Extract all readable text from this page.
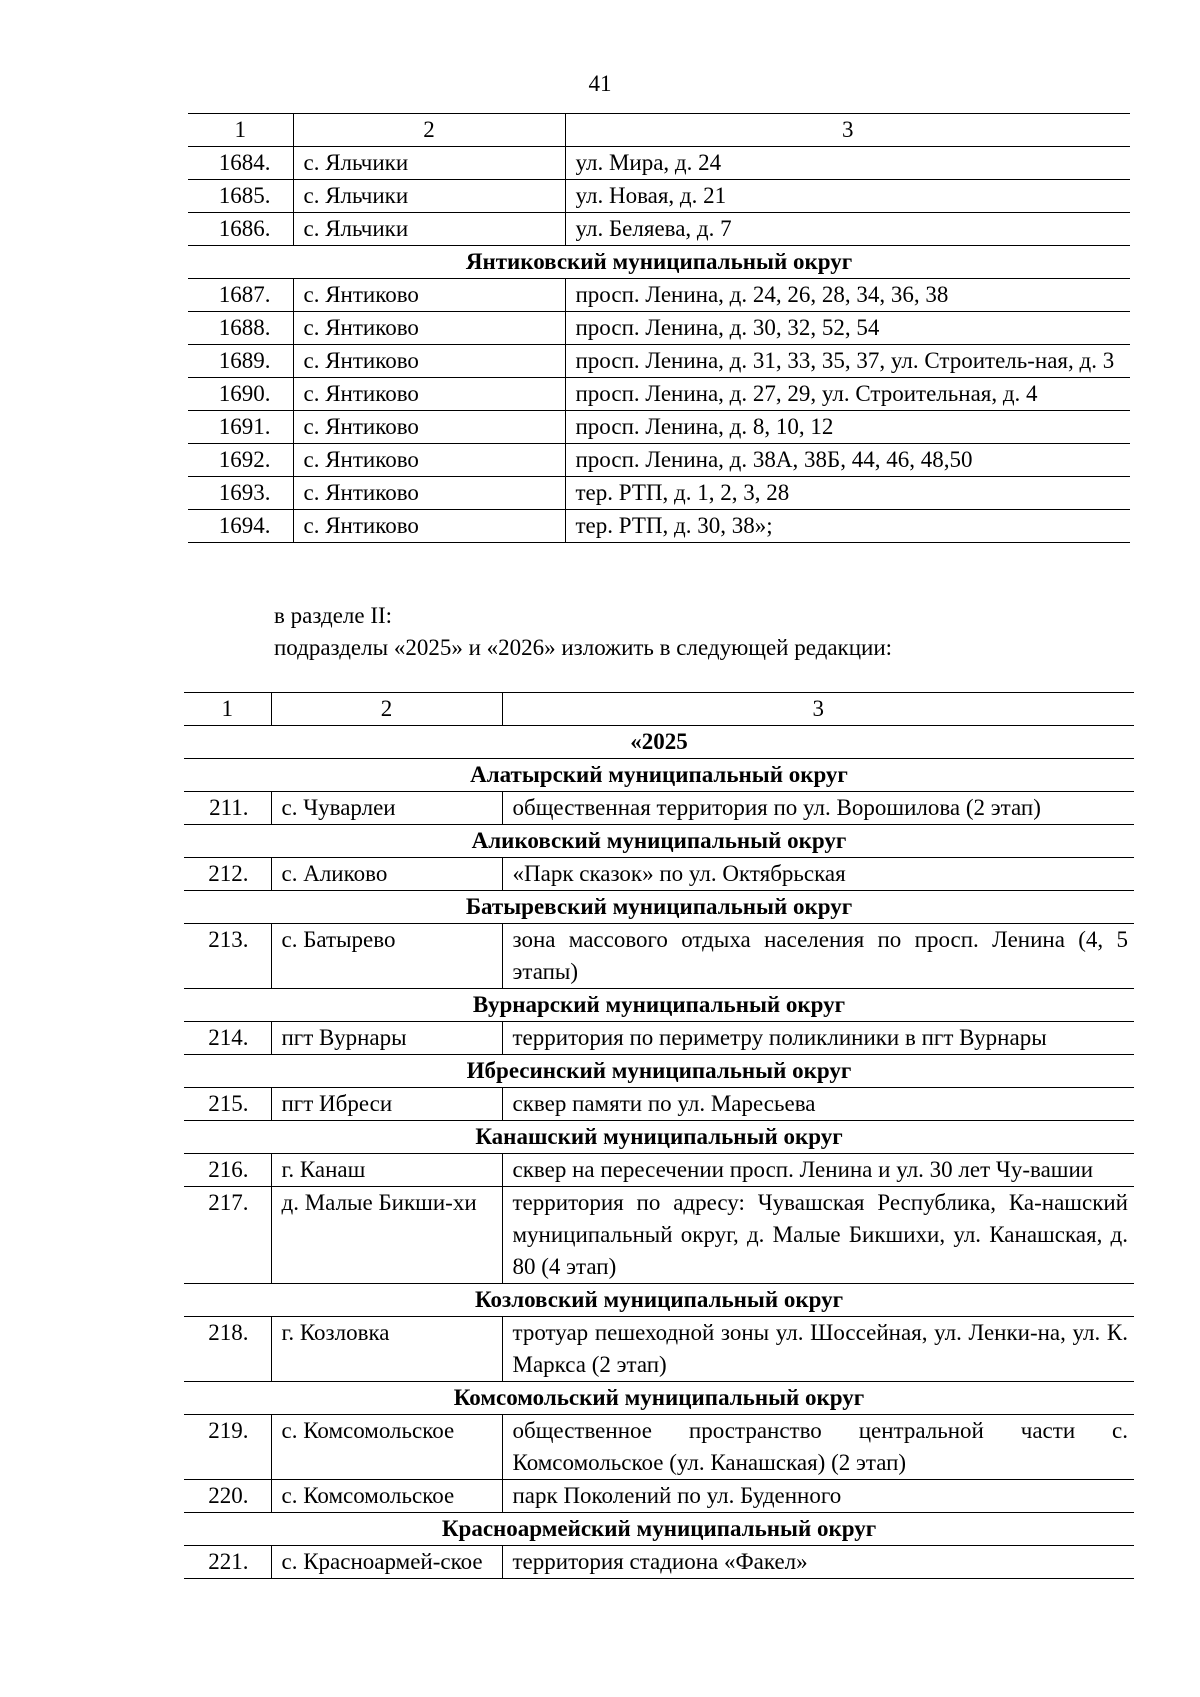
41
1	2	3
1684.	с. Яльчики	ул. Мира, д. 24
1685.	с. Яльчики	ул. Новая, д. 21
1686.	с. Яльчики	ул. Беляева, д. 7
Янтиковский муниципальный округ		
1687.	с. Янтиково	просп. Ленина, д. 24, 26, 28, 34, 36, 38
1688.	с. Янтиково	просп. Ленина, д. 30, 32, 52, 54
1689.	с. Янтиково	просп. Ленина, д. 31, 33, 35, 37, ул. Строитель-ная, д. 3
1690.	с. Янтиково	просп. Ленина, д. 27, 29, ул. Строительная, д. 4
1691.	с. Янтиково	просп. Ленина, д. 8, 10, 12
1692.	с. Янтиково	просп. Ленина, д. 38А, 38Б, 44, 46, 48,50
1693.	с. Янтиково	тер. РТП, д. 1, 2, 3, 28
1694.	с. Янтиково	тер. РТП, д. 30, 38»;
в разделе II:
подразделы «2025» и «2026» изложить в следующей редакции:
1	2	3
«2025		
Алатырский муниципальный округ		
211.	с. Чуварлеи	общественная территория по ул. Ворошилова (2 этап)
Аликовский муниципальный округ		
212.	с. Аликово	«Парк сказок» по ул. Октябрьская
Батыревский муниципальный округ		
213.	с. Батырево	зона массового отдыха населения по просп. Ленина (4, 5 этапы)
Вурнарский муниципальный округ		
214.	пгт Вурнары	территория по периметру поликлиники в пгт Вурнары
Ибресинский муниципальный округ		
215.	пгт Ибреси	сквер памяти по ул. Маресьева
Канашский муниципальный округ		
216.	г. Канаш	сквер на пересечении просп. Ленина и ул. 30 лет Чу-вашии
217.	д. Малые Бикши-хи	территория по адресу: Чувашская Республика, Ка-нашский муниципальный округ, д. Малые Бикшихи, ул. Канашская, д. 80 (4 этап)
Козловский муниципальный округ		
218.	г. Козловка	тротуар пешеходной зоны ул. Шоссейная, ул. Ленки-на, ул. К. Маркса (2 этап)
Комсомольский муниципальный округ		
219.	с. Комсомольское	общественное пространство центральной части с. Комсомольское (ул. Канашская) (2 этап)
220.	с. Комсомольское	парк Поколений по ул. Буденного
Красноармейский муниципальный округ		
221.	с. Красноармей-ское	территория стадиона «Факел»
